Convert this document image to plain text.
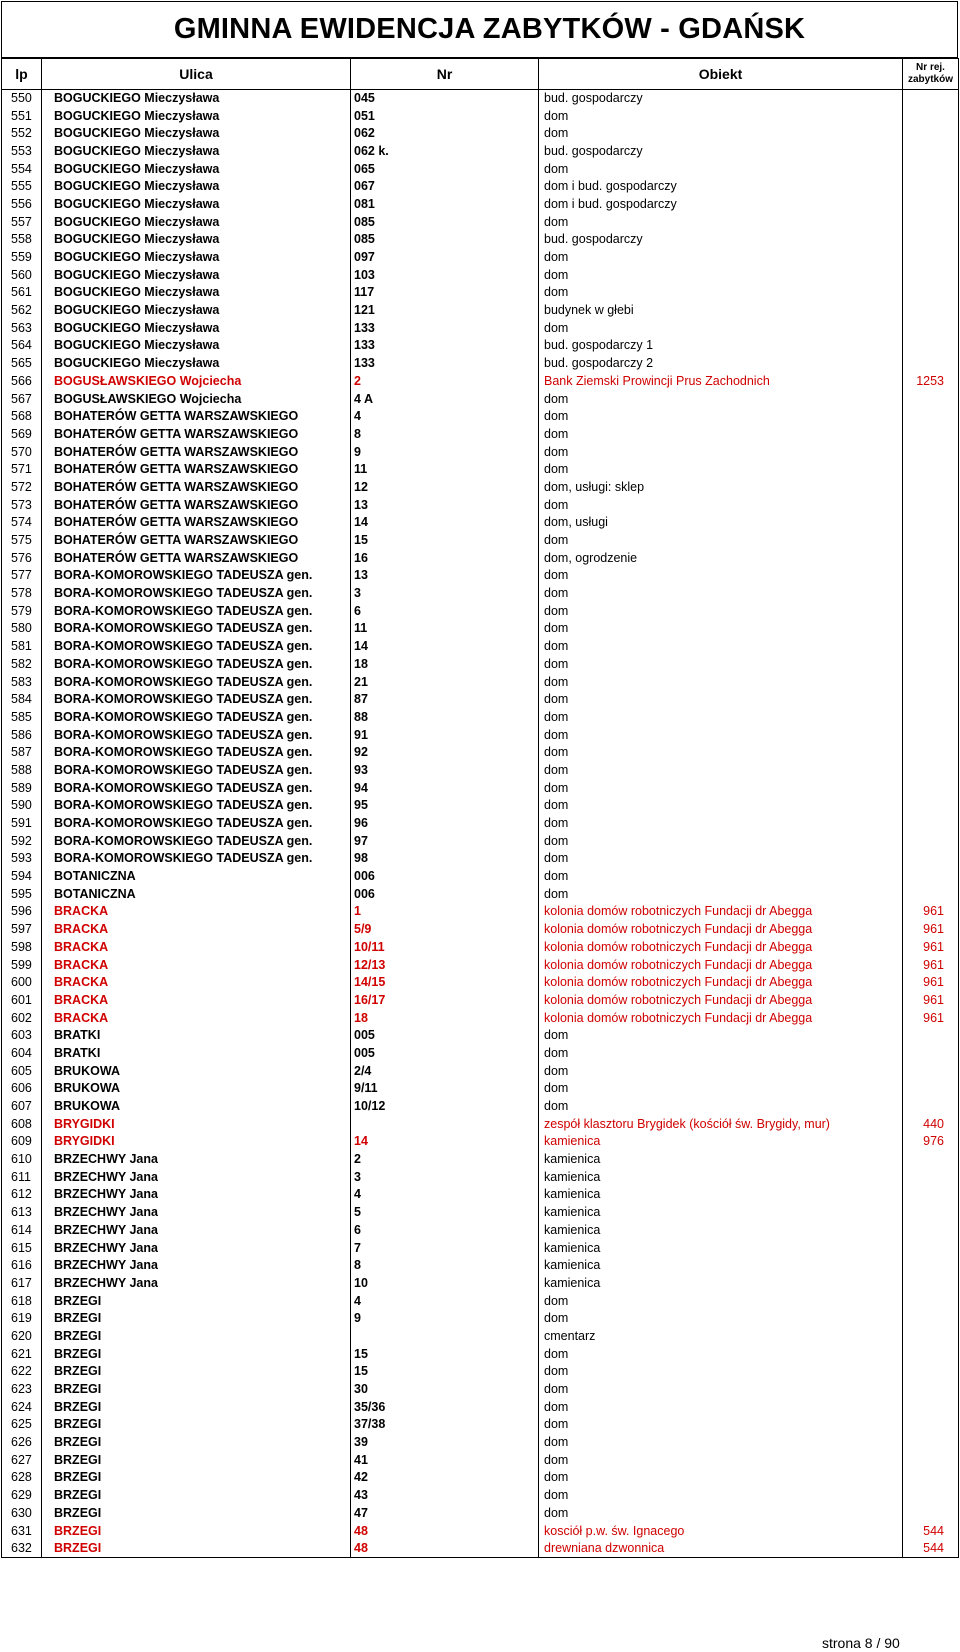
GMINNA EWIDENCJA ZABYTKÓW - GDAŃSK
lp	Ulica	Nr	Obiekt	Nr rej. zabytków
550	BOGUCKIEGO Mieczysława	045	bud. gospodarczy	
551	BOGUCKIEGO Mieczysława	051	dom	
552	BOGUCKIEGO Mieczysława	062	dom	
553	BOGUCKIEGO Mieczysława	062 k.	bud. gospodarczy	
554	BOGUCKIEGO Mieczysława	065	dom	
555	BOGUCKIEGO Mieczysława	067	dom i bud. gospodarczy	
556	BOGUCKIEGO Mieczysława	081	dom i bud. gospodarczy	
557	BOGUCKIEGO Mieczysława	085	dom	
558	BOGUCKIEGO Mieczysława	085	bud. gospodarczy	
559	BOGUCKIEGO Mieczysława	097	dom	
560	BOGUCKIEGO Mieczysława	103	dom	
561	BOGUCKIEGO Mieczysława	117	dom	
562	BOGUCKIEGO Mieczysława	121	budynek w głebi	
563	BOGUCKIEGO Mieczysława	133	dom	
564	BOGUCKIEGO Mieczysława	133	bud. gospodarczy 1	
565	BOGUCKIEGO Mieczysława	133	bud. gospodarczy 2	
566	BOGUSŁAWSKIEGO Wojciecha	2	Bank Ziemski Prowincji Prus Zachodnich	1253
567	BOGUSŁAWSKIEGO Wojciecha	4 A	dom	
568	BOHATERÓW GETTA WARSZAWSKIEGO	4	dom	
569	BOHATERÓW GETTA WARSZAWSKIEGO	8	dom	
570	BOHATERÓW GETTA WARSZAWSKIEGO	9	dom	
571	BOHATERÓW GETTA WARSZAWSKIEGO	11	dom	
572	BOHATERÓW GETTA WARSZAWSKIEGO	12	dom, usługi: sklep	
573	BOHATERÓW GETTA WARSZAWSKIEGO	13	dom	
574	BOHATERÓW GETTA WARSZAWSKIEGO	14	dom, usługi	
575	BOHATERÓW GETTA WARSZAWSKIEGO	15	dom	
576	BOHATERÓW GETTA WARSZAWSKIEGO	16	dom, ogrodzenie	
577	BORA-KOMOROWSKIEGO TADEUSZA gen.	13	dom	
578	BORA-KOMOROWSKIEGO TADEUSZA gen.	3	dom	
579	BORA-KOMOROWSKIEGO TADEUSZA gen.	6	dom	
580	BORA-KOMOROWSKIEGO TADEUSZA gen.	11	dom	
581	BORA-KOMOROWSKIEGO TADEUSZA gen.	14	dom	
582	BORA-KOMOROWSKIEGO TADEUSZA gen.	18	dom	
583	BORA-KOMOROWSKIEGO TADEUSZA gen.	21	dom	
584	BORA-KOMOROWSKIEGO TADEUSZA gen.	87	dom	
585	BORA-KOMOROWSKIEGO TADEUSZA gen.	88	dom	
586	BORA-KOMOROWSKIEGO TADEUSZA gen.	91	dom	
587	BORA-KOMOROWSKIEGO TADEUSZA gen.	92	dom	
588	BORA-KOMOROWSKIEGO TADEUSZA gen.	93	dom	
589	BORA-KOMOROWSKIEGO TADEUSZA gen.	94	dom	
590	BORA-KOMOROWSKIEGO TADEUSZA gen.	95	dom	
591	BORA-KOMOROWSKIEGO TADEUSZA gen.	96	dom	
592	BORA-KOMOROWSKIEGO TADEUSZA gen.	97	dom	
593	BORA-KOMOROWSKIEGO TADEUSZA gen.	98	dom	
594	BOTANICZNA	006	dom	
595	BOTANICZNA	006	dom	
596	BRACKA	1	kolonia domów robotniczych Fundacji dr Abegga	961
597	BRACKA	5/9	kolonia domów robotniczych Fundacji dr Abegga	961
598	BRACKA	10/11	kolonia domów robotniczych Fundacji dr Abegga	961
599	BRACKA	12/13	kolonia domów robotniczych Fundacji dr Abegga	961
600	BRACKA	14/15	kolonia domów robotniczych Fundacji dr Abegga	961
601	BRACKA	16/17	kolonia domów robotniczych Fundacji dr Abegga	961
602	BRACKA	18	kolonia domów robotniczych Fundacji dr Abegga	961
603	BRATKI	005	dom	
604	BRATKI	005	dom	
605	BRUKOWA	2/4	dom	
606	BRUKOWA	9/11	dom	
607	BRUKOWA	10/12	dom	
608	BRYGIDKI		zespół klasztoru Brygidek (kościół św. Brygidy, mur)	440
609	BRYGIDKI	14	kamienica	976
610	BRZECHWY Jana	2	kamienica	
611	BRZECHWY Jana	3	kamienica	
612	BRZECHWY Jana	4	kamienica	
613	BRZECHWY Jana	5	kamienica	
614	BRZECHWY Jana	6	kamienica	
615	BRZECHWY Jana	7	kamienica	
616	BRZECHWY Jana	8	kamienica	
617	BRZECHWY Jana	10	kamienica	
618	BRZEGI	4	dom	
619	BRZEGI	9	dom	
620	BRZEGI		cmentarz	
621	BRZEGI	15	dom	
622	BRZEGI	15	dom	
623	BRZEGI	30	dom	
624	BRZEGI	35/36	dom	
625	BRZEGI	37/38	dom	
626	BRZEGI	39	dom	
627	BRZEGI	41	dom	
628	BRZEGI	42	dom	
629	BRZEGI	43	dom	
630	BRZEGI	47	dom	
631	BRZEGI	48	kosciół p.w. św. Ignacego	544
632	BRZEGI	48	drewniana dzwonnica	544
strona 8 / 90
